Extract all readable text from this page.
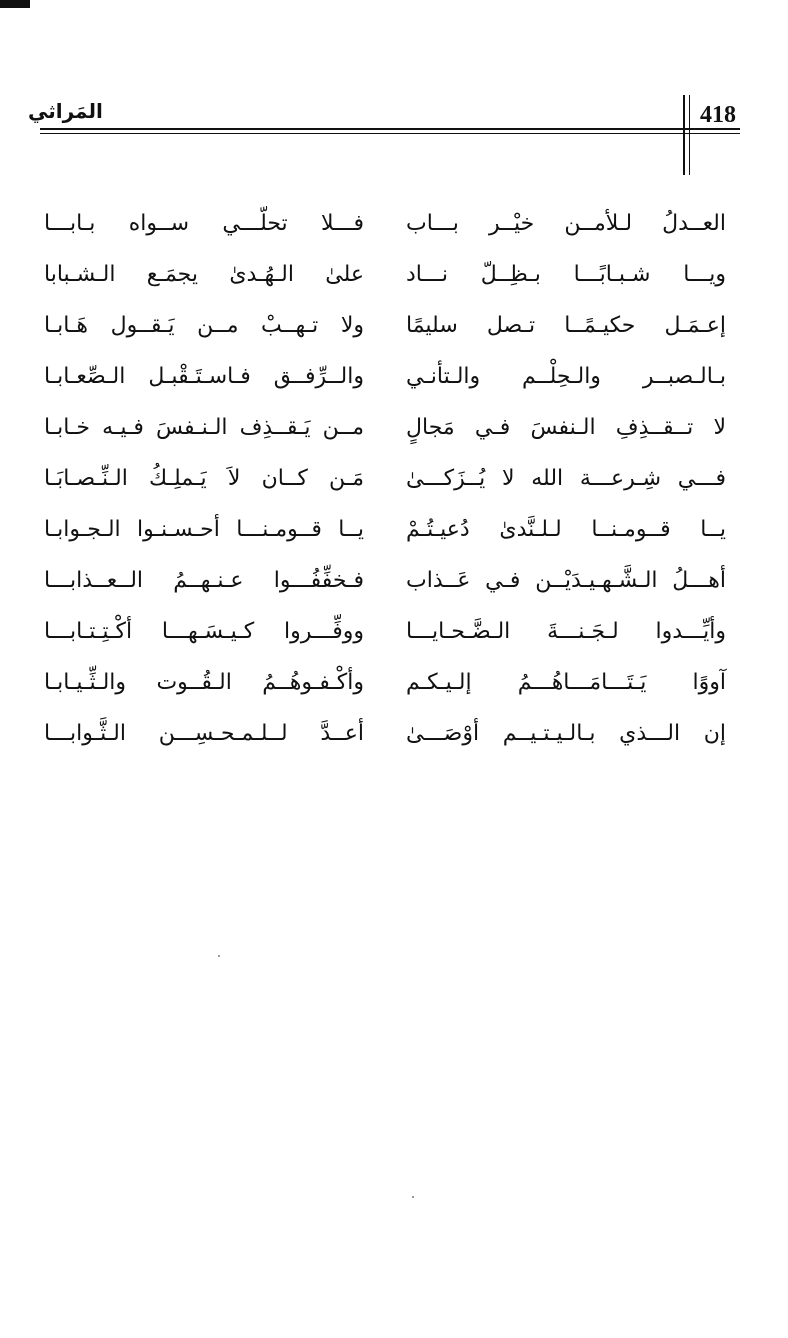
418
المَراثي
العــدلُ لـلأمــن خيْــر بـــاب
فـــلا تحلّـــي ســواه بـابـــا
ويـــا شـبـابًـــا بـظِــلّ نـــاد
علىٰ الـهُـدىٰ يجمَـع الـشـبابا
إعـمَـل حكيـمًــا تـصل سليمًا
ولا تـهــبْ مــن يَـقــول هَـابـا
بـالـصبــر والـحِلْــم والـتأنـي
والــرِّفــق فـاسـتَـقْبـل الـصِّعـابـا
لا تــقــذِفِ الـنفسَ فـي مَجالٍ
مــن يَـقــذِف الـنـفسَ فـيـه خـابـا
فـــي شِـرعـــة الله لا يُــزَكـــىٰ
مَـن كــان لاَ يَـملِـكُ الـنِّـصـابَـا
يــا قــومـنــا لـلـنَّدىٰ دُعيـتُـمْ
يــا قــومـنـــا أحـسـنـوا الـجـوابـا
أهـــلُ الـشَّـهـيـدَيْــن فـي عَــذاب
فـخفِّفُـــوا عـنـهــمُ الــعــذابـــا
وأيِّـــدوا لـجَـنـــةَ الـضَّـحـايـــا
ووفِّـــروا كـيـسَـهـــا أكْـتِـتـابـــا
آووًا يَـتَـــامَـــاهُـــمُ إلـيـكـم
وأكْـفـوهُــمُ الـقُــوت والـثِّـيـابـا
إن الـــذي بـالـيـتـيــم أوْصَـــىٰ
أعــدَّ لــلـمـحـسِـــن الـثَّـوابـــا
